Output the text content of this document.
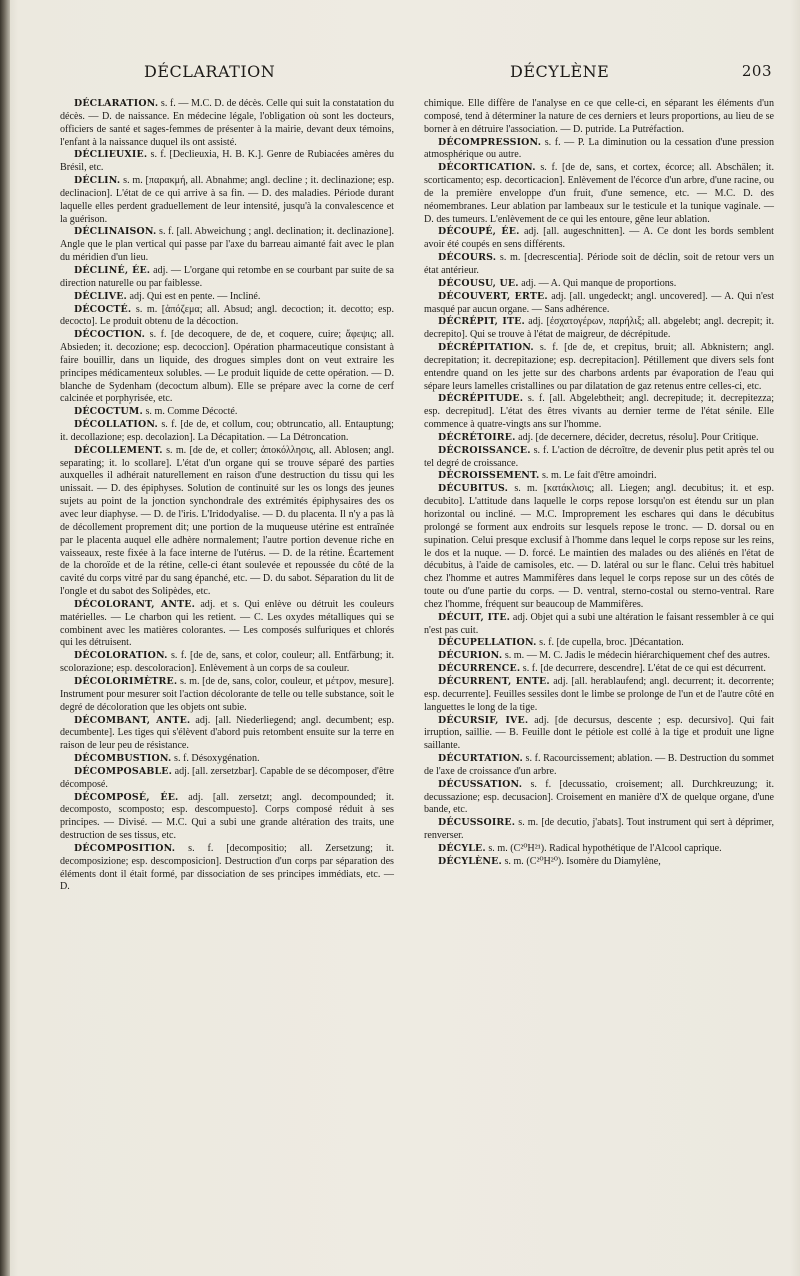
DÉCLARATION	DÉCYLÈNE	203

DÉCLARATION. s. f. — M.C. D. de décès. Celle qui suit la constatation du décès. — D. de naissance. En médecine légale, l'obligation où sont les docteurs, officiers de santé et sages-femmes de présenter à la mairie, devant deux témoins, l'enfant à la naissance duquel ils ont assisté.

DÉCLIEUXIE. s. f. [Declieuxia, H. B. K.]. Genre de Rubiacées amères du Brésil, etc.

DÉCLIN. s. m. [παρακμή, all. Abnahme; angl. decline ; it. declinazione; esp. declinacion]. L'état de ce qui arrive à sa fin. — D. des maladies. Période durant laquelle elles perdent graduellement de leur intensité, jusqu'à la convalescence et la guérison.

DÉCLINAISON. s. f. [all. Abweichung ; angl. declination; it. declinazione]. Angle que le plan vertical qui passe par l'axe du barreau aimanté fait avec le plan du méridien d'un lieu.

DÉCLINÉ, ÉE. adj. — L'organe qui retombe en se courbant par suite de sa direction naturelle ou par faiblesse.

DÉCLIVE. adj. Qui est en pente. — Incliné.

DÉCOCTÉ. s. m. [ἀπόζεμα; all. Absud; angl. decoction; it. decotto; esp. decocto]. Le produit obtenu de la décoction.

DÉCOCTION. s. f. [de decoquere, de de, et coquere, cuire; ἄφεψις; all. Absieden; it. decozione; esp. decoccion]. Opération pharmaceutique consistant à faire bouillir, dans un liquide, des drogues simples dont on veut extraire les principes médicamenteux solubles. — Le produit liquide de cette opération. — D. blanche de Sydenham (decoctum album). Elle se prépare avec la corne de cerf calcinée et porphyrisée, etc.

DÉCOCTUM. s. m. Comme Décocté.

DÉCOLLATION. s. f. [de de, et collum, cou; obtruncatio, all. Entauptung; it. decollazione; esp. decolazion]. La Décapitation. — La Détroncation.

DÉCOLLEMENT. s. m. [de de, et coller; ἀποκόλλησις, all. Ablosen; angl. separating; it. lo scollare]. L'état d'un organe qui se trouve séparé des parties auxquelles il adhérait naturellement en raison d'une destruction du tissu qui les unissait. — D. des épiphyses. Solution de continuité sur les os longs des jeunes sujets au point de la jonction synchondrale des extrémités épiphysaires des os avec leur diaphyse. — D. de l'iris. L'Iridodyalise. — D. du placenta. Il n'y a pas là de décollement proprement dit; une portion de la muqueuse utérine est entraînée par le placenta auquel elle adhère normalement; l'autre portion devenue riche en vaisseaux, reste fixée à la face interne de l'utérus. — D. de la rétine. Écartement de la choroïde et de la rétine, celle-ci étant soulevée et repoussée du côté de la cavité du corps vitré par du sang épanché, etc. — D. du sabot. Séparation du lit de l'ongle et du sabot des Solipèdes, etc.

DÉCOLORANT, ANTE. adj. et s. Qui enlève ou détruit les couleurs matérielles. — Le charbon qui les retient. — C. Les oxydes métalliques qui se combinent avec les matières colorantes. — Les composés sulfuriques et chlorés qui les détruisent.

DÉCOLORATION. s. f. [de de, sans, et color, couleur; all. Entfärbung; it. scolorazione; esp. descoloracion]. Enlèvement à un corps de sa couleur.

DÉCOLORIMÈTRE. s. m. [de de, sans, color, couleur, et μέτρον, mesure]. Instrument pour mesurer soit l'action décolorante de telle ou telle substance, soit le degré de décoloration que les objets ont subie.

DÉCOMBANT, ANTE. adj. [all. Niederliegend; angl. decumbent; esp. decumbente]. Les tiges qui s'élèvent d'abord puis retombent ensuite sur la terre en raison de leur peu de résistance.

DÉCOMBUSTION. s. f. Désoxygénation.

DÉCOMPOSABLE. adj. [all. zersetzbar]. Capable de se décomposer, d'être décomposé.

DÉCOMPOSÉ, ÉE. adj. [all. zersetzt; angl. decompounded; it. decomposto, scomposto; esp. descompuesto]. Corps composé réduit à ses principes. — Divisé. — M.C. Qui a subi une grande altération des traits, une destruction de ses tissus, etc.

DÉCOMPOSITION. s. f. [decompositio; all. Zersetzung; it. decomposizione; esp. descomposicion]. Destruction d'un corps par séparation des éléments dont il était formé, par dissociation de ses principes immédiats, etc. — D.

chimique. Elle diffère de l'analyse en ce que celle-ci, en séparant les éléments d'un composé, tend à déterminer la nature de ces derniers et leurs proportions, au lieu de se borner à en détruire l'association. — D. putride. La Putréfaction.

DÉCOMPRESSION. s. f. — P. La diminution ou la cessation d'une pression atmosphérique ou autre.

DÉCORTICATION. s. f. [de de, sans, et cortex, écorce; all. Abschälen; it. scorticamento; esp. decorticacion]. Enlèvement de l'écorce d'un arbre, d'une racine, ou de la première enveloppe d'un fruit, d'une semence, etc. — M.C. D. des néomembranes. Leur ablation par lambeaux sur le testicule et la tunique vaginale. — D. des tumeurs. L'enlèvement de ce qui les entoure, gêne leur ablation.

DÉCOUPÉ, ÉE. adj. [all. augeschnitten]. — A. Ce dont les bords semblent avoir été coupés en sens différents.

DÉCOURS. s. m. [decrescentia]. Période soit de déclin, soit de retour vers un état antérieur.

DÉCOUSU, UE. adj. — A. Qui manque de proportions.

DÉCOUVERT, ERTE. adj. [all. ungedeckt; angl. uncovered]. — A. Qui n'est masqué par aucun organe. — Sans adhérence.

DÉCRÉPIT, ITE. adj. [ἐσχατογέρων, παρήλιξ; all. abgelebt; angl. decrepit; it. decrepito]. Qui se trouve à l'état de maigreur, de décrépitude.

DÉCRÉPITATION. s. f. [de de, et crepitus, bruit; all. Abknistern; angl. decrepitation; it. decrepitazione; esp. decrepitacion]. Pétillement que divers sels font entendre quand on les jette sur des charbons ardents par évaporation de l'eau qui sépare leurs lamelles cristallines ou par dilatation de gaz retenus entre celles-ci, etc.

DÉCRÉPITUDE. s. f. [all. Abgelebtheit; angl. decrepitude; it. decrepitezza; esp. decrepitud]. L'état des êtres vivants au dernier terme de l'état sénile. Elle commence à quatre-vingts ans sur l'homme.

DÉCRÉTOIRE. adj. [de decernere, décider, decretus, résolu]. Pour Critique.

DÉCROISSANCE. s. f. L'action de décroître, de devenir plus petit après tel ou tel degré de croissance.

DÉCROISSEMENT. s. m. Le fait d'être amoindri.

DÉCUBITUS. s. m. [κατάκλισις; all. Liegen; angl. decubitus; it. et esp. decubito]. L'attitude dans laquelle le corps repose lorsqu'on est étendu sur un plan horizontal ou incliné. — M.C. Improprement les eschares qui dans le décubitus prolongé se forment aux endroits sur lesquels repose le tronc. — D. dorsal ou en supination. Celui presque exclusif à l'homme dans lequel le corps repose sur les reins, le dos et la nuque. — D. forcé. Le maintien des malades ou des aliénés en l'état de décubitus, à l'aide de camisoles, etc. — D. latéral ou sur le flanc. Celui très habituel chez l'homme et autres Mammifères dans lequel le corps repose sur un des côtés de toute ou d'une partie du corps. — D. ventral, sterno-costal ou sterno-ventral. Rare chez l'homme, fréquent sur beaucoup de Mammifères.

DÉCUIT, ITE. adj. Objet qui a subi une altération le faisant ressembler à ce qui n'est pas cuit.

DÉCUPELLATION. s. f. [de cupella, broc. ]Décantation.

DÉCURION. s. m. — M. C. Jadis le médecin hiérarchiquement chef des autres.

DÉCURRENCE. s. f. [de decurrere, descendre]. L'état de ce qui est décurrent.

DÉCURRENT, ENTE. adj. [all. herablaufend; angl. decurrent; it. decorrente; esp. decurrente]. Feuilles sessiles dont le limbe se prolonge de l'un et de l'autre côté en languettes le long de la tige.

DÉCURSIF, IVE. adj. [de decursus, descente ; esp. decursivo]. Qui fait irruption, saillie. — B. Feuille dont le pétiole est collé à la tige et produit une ligne saillante.

DÉCURTATION. s. f. Racourcissement; ablation. — B. Destruction du sommet de l'axe de croissance d'un arbre.

DÉCUSSATION. s. f. [decussatio, croisement; all. Durchkreuzung; it. decussazione; esp. decusacion]. Croisement en manière d'X de quelque organe, d'une bande, etc.

DÉCUSSOIRE. s. m. [de decutio, j'abats]. Tout instrument qui sert à déprimer, renverser.

DÉCYLE. s. m. (C²⁰H²¹). Radical hypothétique de l'Alcool caprique.

DÉCYLÈNE. s. m. (C²⁰H²⁰). Isomère du Diamylène,
